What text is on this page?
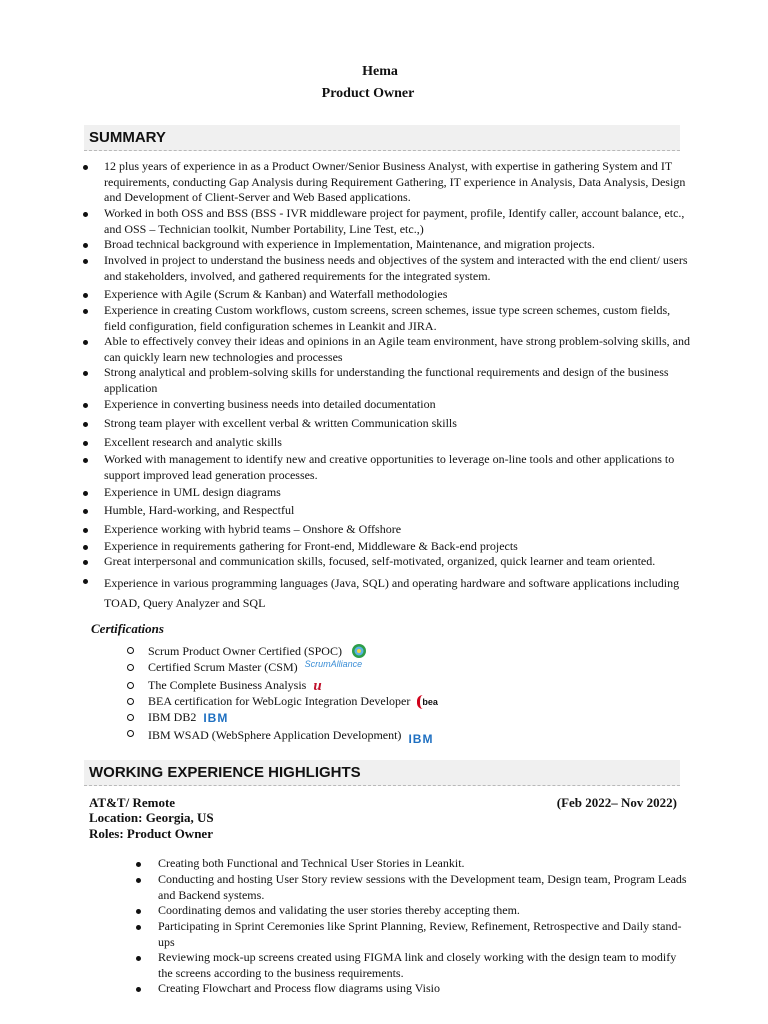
Hema
Product Owner
SUMMARY
12 plus years of experience in as a Product Owner/Senior Business Analyst, with expertise in gathering System and IT requirements, conducting Gap Analysis during Requirement Gathering, IT experience in Analysis, Data Analysis, Design and Development of Client-Server and Web Based applications.
Worked in both OSS and BSS (BSS - IVR middleware project for payment, profile, Identify caller, account balance, etc., and OSS – Technician toolkit, Number Portability, Line Test, etc.,)
Broad technical background with experience in Implementation, Maintenance, and migration projects.
Involved in project to understand the business needs and objectives of the system and interacted with the end client/ users and stakeholders, involved, and gathered requirements for the integrated system.
Experience with Agile (Scrum & Kanban) and Waterfall methodologies
Experience in creating Custom workflows, custom screens, screen schemes, issue type screen schemes, custom fields, field configuration, field configuration schemes in Leankit and JIRA.
Able to effectively convey their ideas and opinions in an Agile team environment, have strong problem-solving skills, and can quickly learn new technologies and processes
Strong analytical and problem-solving skills for understanding the functional requirements and design of the business application
Experience in converting business needs into detailed documentation
Strong team player with excellent verbal & written Communication skills
Excellent research and analytic skills
Worked with management to identify new and creative opportunities to leverage on-line tools and other applications to support improved lead generation processes.
Experience in UML design diagrams
Humble, Hard-working, and Respectful
Experience working with hybrid teams – Onshore & Offshore
Experience in requirements gathering for Front-end, Middleware & Back-end projects
Great interpersonal and communication skills, focused, self-motivated, organized, quick learner and team oriented.
Experience in various programming languages (Java, SQL) and operating hardware and software applications including TOAD, Query Analyzer and SQL
Certifications
Scrum Product Owner Certified (SPOC)
Certified Scrum Master (CSM) ScrumAlliance
The Complete Business Analysis u
BEA certification for WebLogic Integration Developer bea
IBM DB2 IBM
IBM WSAD (WebSphere Application Development) IBM
WORKING EXPERIENCE HIGHLIGHTS
AT&T/ Remote	(Feb 2022– Nov 2022)
Location: Georgia, US
Roles: Product Owner
Creating both Functional and Technical User Stories in Leankit.
Conducting and hosting User Story review sessions with the Development team, Design team, Program Leads and Backend systems.
Coordinating demos and validating the user stories thereby accepting them.
Participating in Sprint Ceremonies like Sprint Planning, Review, Refinement, Retrospective and Daily stand-ups
Reviewing mock-up screens created using FIGMA link and closely working with the design team to modify the screens according to the business requirements.
Creating Flowchart and Process flow diagrams using Visio
